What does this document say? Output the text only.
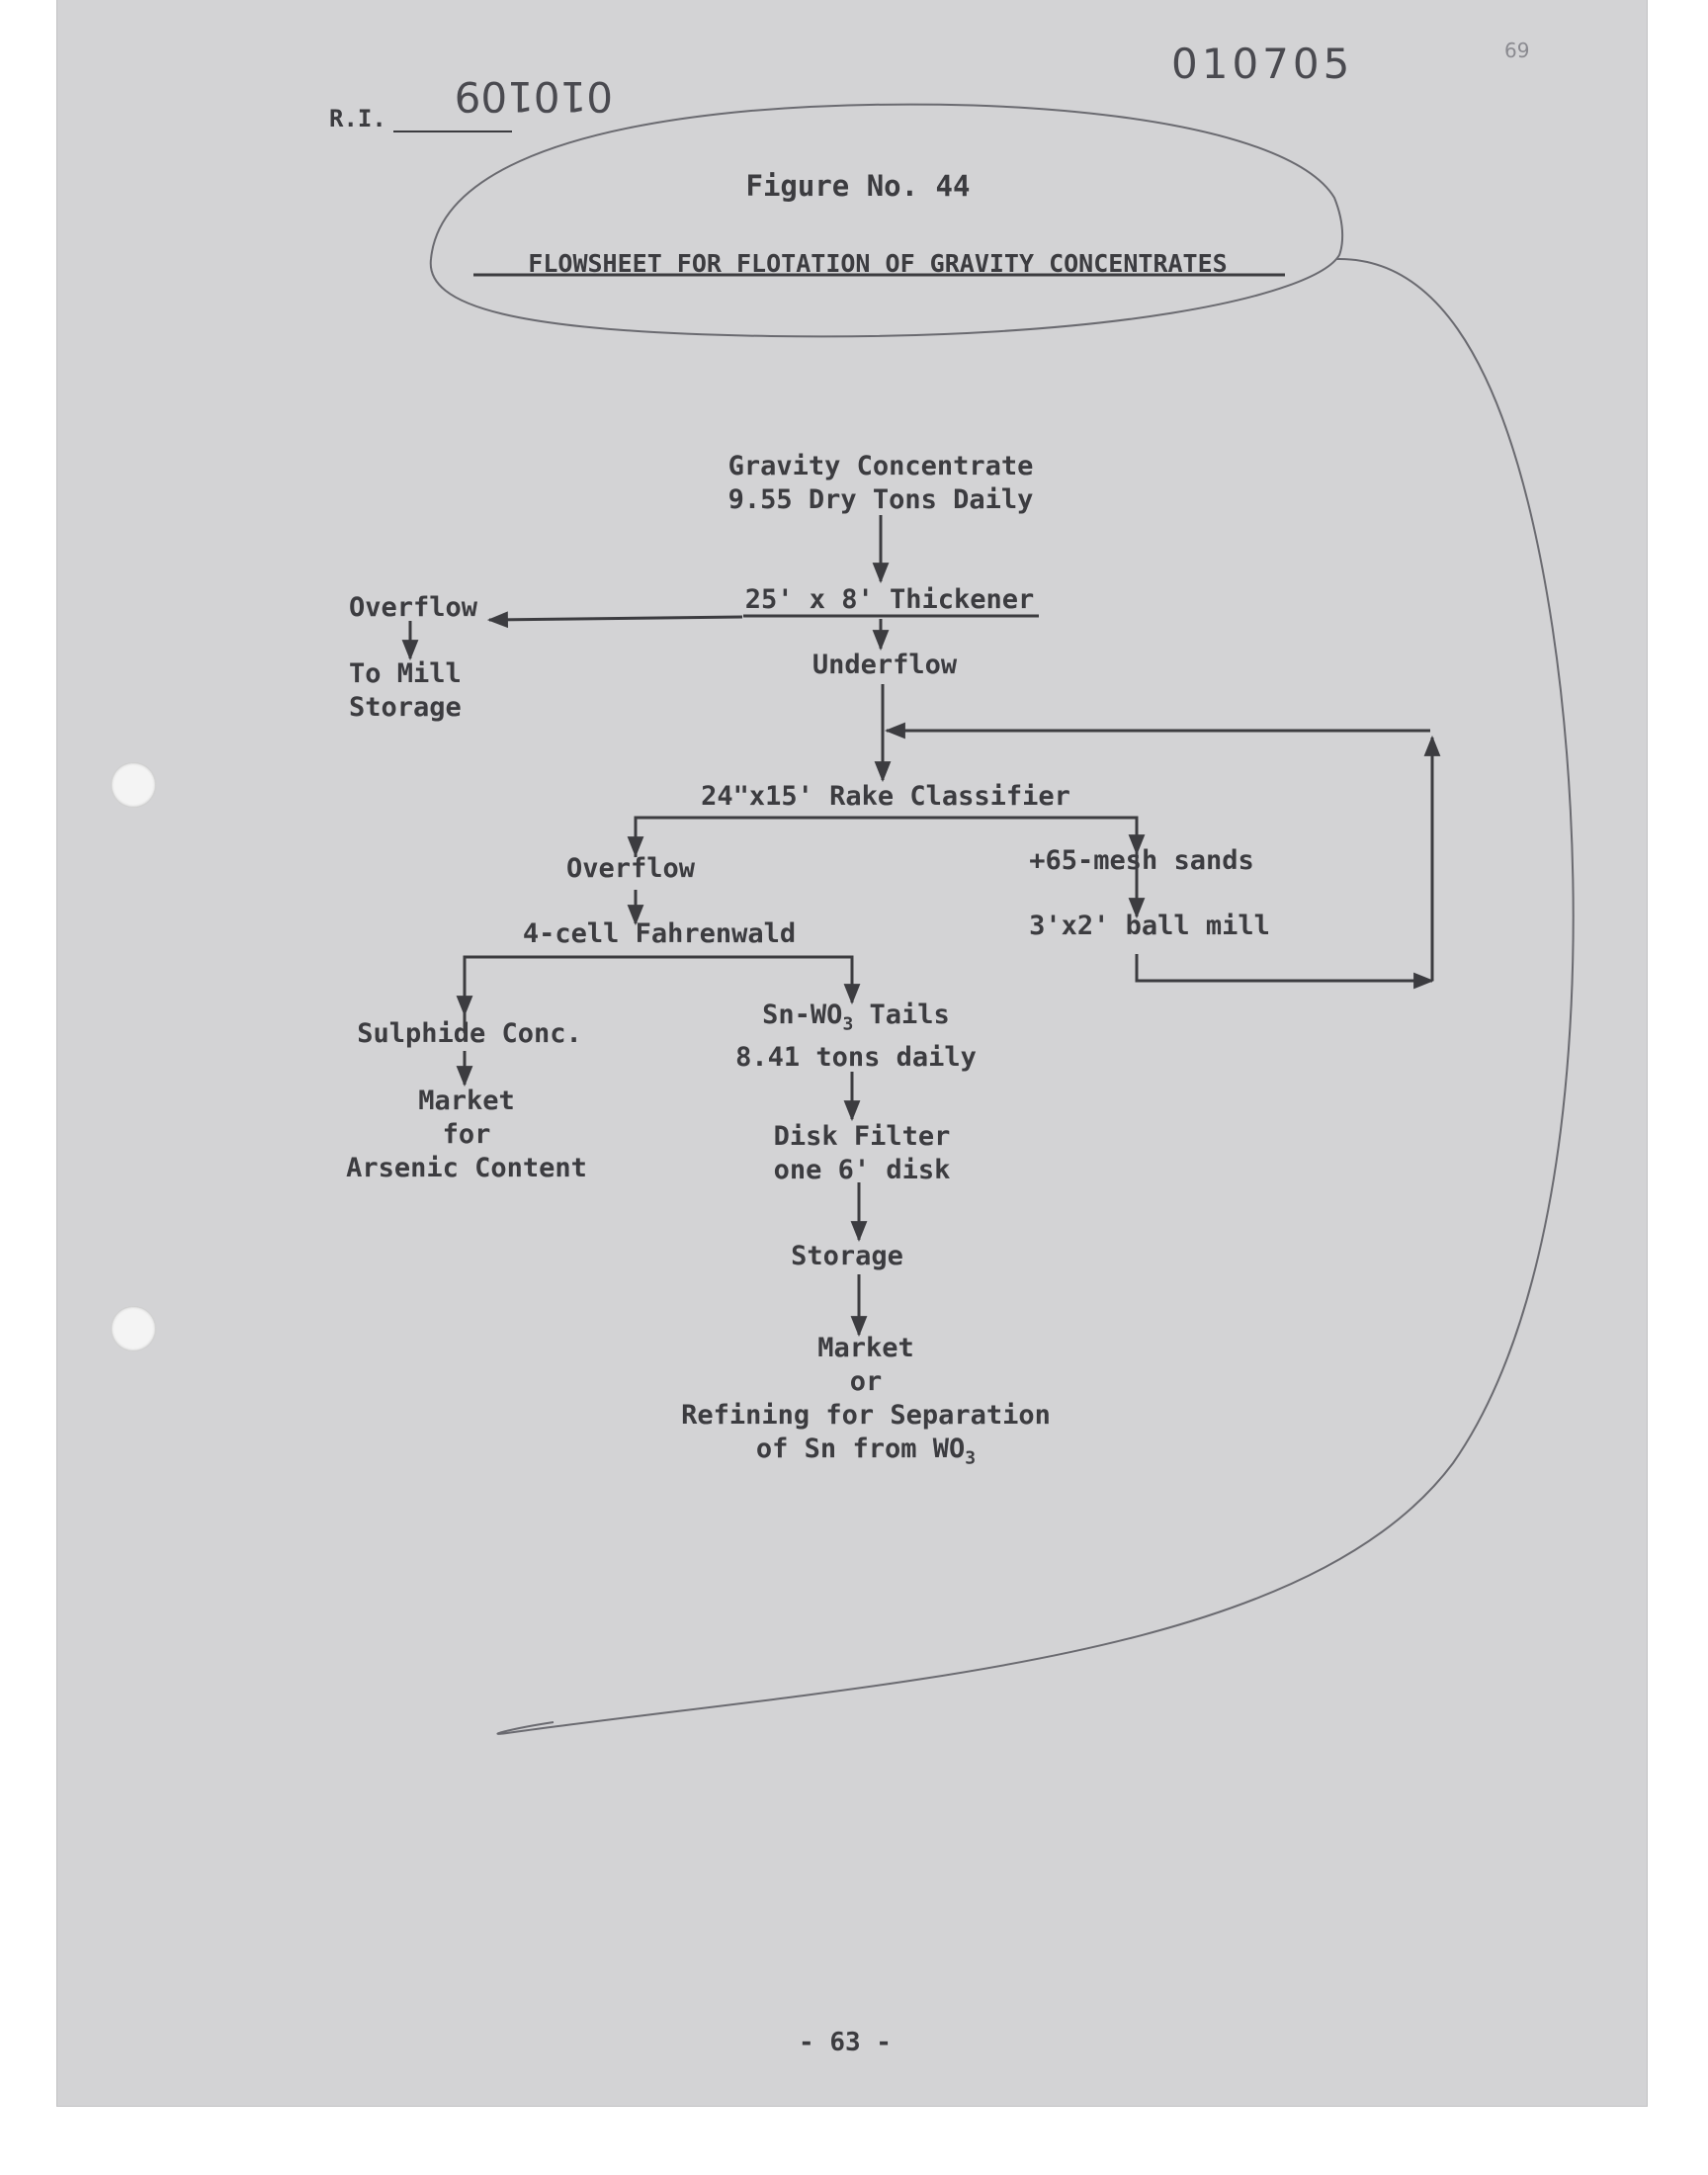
R.I. 010109
010705	69
Figure No. 44
FLOWSHEET FOR FLOTATION OF GRAVITY CONCENTRATES
Gravity Concentrate
9.55 Dry Tons Daily
25' x 8' Thickener
Overflow
To Mill
Storage
Underflow
24"x15' Rake Classifier
Overflow	+65-mesh sands
3'x2' ball mill
4-cell Fahrenwald
Sulphide Conc.
Market
for
Arsenic Content
$Sn-WO_3$ Tails
8.41 tons daily
Disk Filter
one 6' disk
Storage
Market
or
Refining for Separation
of Sn from $WO_3$
- 63 -
